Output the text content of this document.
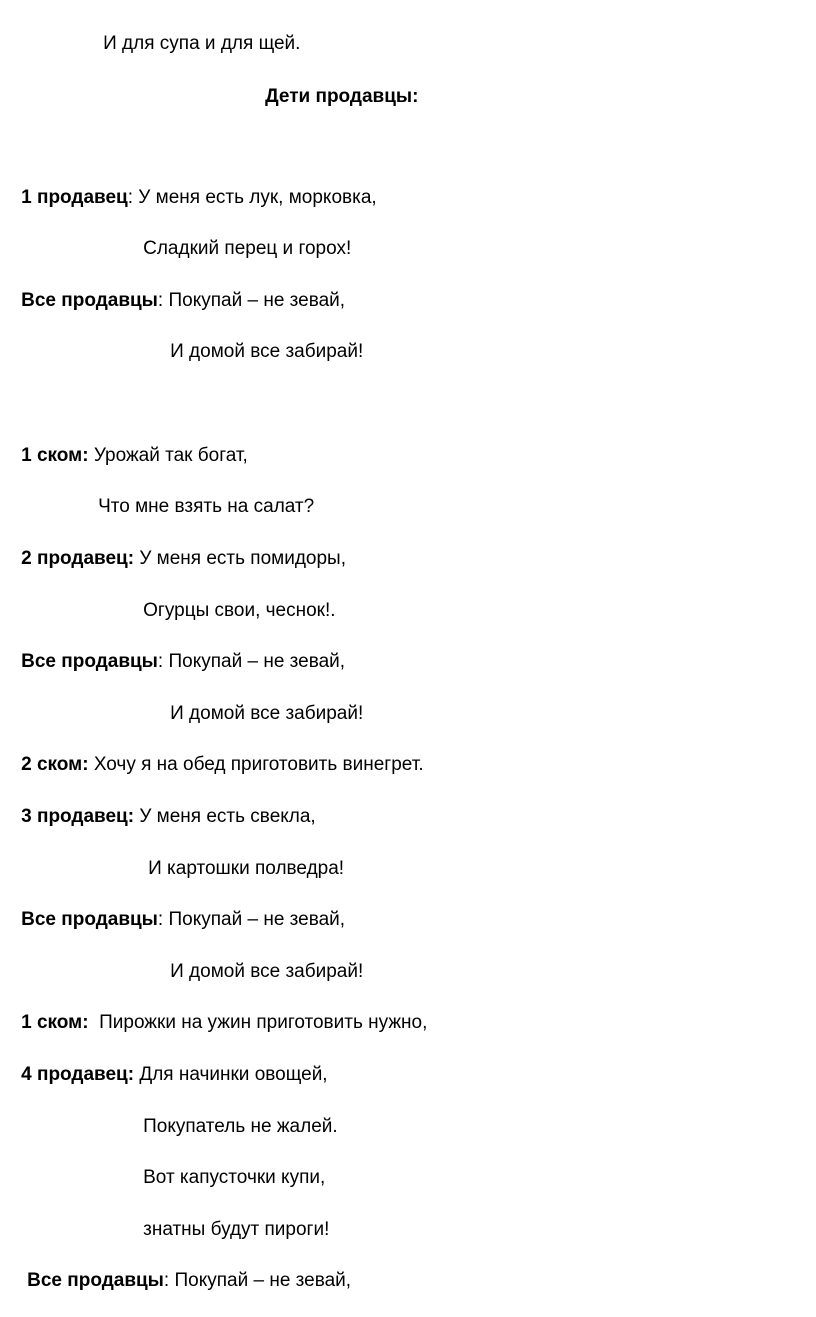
И для супа и для щей.

Дети продавцы:

1 продавец: У меня есть лук, морковка,

Сладкий перец и горох!

Все продавцы: Покупай – не зевай,

И домой все забирай!

1 ском: Урожай так богат,

Что мне взять на салат?

2 продавец: У меня есть помидоры,

Огурцы свои, чеснок!.

Все продавцы: Покупай – не зевай,

И домой все забирай!

2 ском: Хочу я на обед приготовить винегрет.

3 продавец: У меня есть свекла,

И картошки полведра!

Все продавцы: Покупай – не зевай,

И домой все забирай!

1 ском:  Пирожки на ужин приготовить нужно,

4 продавец: Для начинки овощей,

Покупатель не жалей.

Вот капусточки купи,

знатны будут пироги!

Все продавцы: Покупай – не зевай,
